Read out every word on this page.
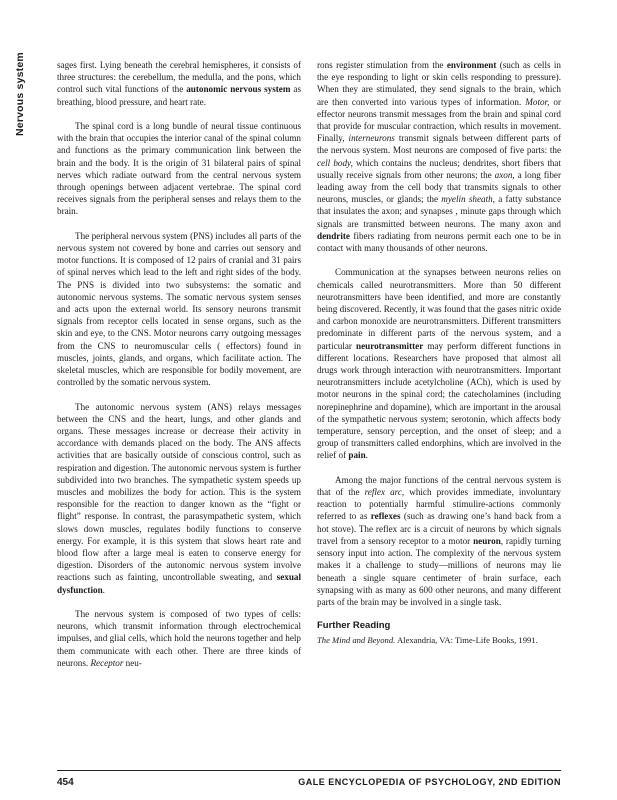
Nervous system	sages first. Lying beneath the cerebral hemispheres, it consists of three structures: the cerebellum, the medulla, and the pons, which control such vital functions of the autonomic nervous system as breathing, blood pressure, and heart rate.

The spinal cord is a long bundle of neural tissue continuous with the brain that occupies the interior canal of the spinal column and functions as the primary communication link between the brain and the body. It is the origin of 31 bilateral pairs of spinal nerves which radiate outward from the central nervous system through openings between adjacent vertebrae. The spinal cord receives signals from the peripheral senses and relays them to the brain.

The peripheral nervous system (PNS) includes all parts of the nervous system not covered by bone and carries out sensory and motor functions. It is composed of 12 pairs of cranial and 31 pairs of spinal nerves which lead to the left and right sides of the body. The PNS is divided into two subsystems: the somatic and autonomic nervous systems. The somatic nervous system senses and acts upon the external world. Its sensory neurons transmit signals from receptor cells located in sense organs, such as the skin and eye, to the CNS. Motor neurons carry outgoing messages from the CNS to neuromuscular cells ( effectors) found in muscles, joints, glands, and organs, which facilitate action. The skeletal muscles, which are responsible for bodily movement, are controlled by the somatic nervous system.

The autonomic nervous system (ANS) relays messages between the CNS and the heart, lungs, and other glands and organs. These messages increase or decrease their activity in accordance with demands placed on the body. The ANS affects activities that are basically outside of conscious control, such as respiration and digestion. The autonomic nervous system is further subdivided into two branches. The sympathetic system speeds up muscles and mobilizes the body for action. This is the system responsible for the reaction to danger known as the “fight or flight” response. In contrast, the parasympathetic system, which slows down muscles, regulates bodily functions to conserve energy. For example, it is this system that slows heart rate and blood flow after a large meal is eaten to conserve energy for digestion. Disorders of the autonomic nervous system involve reactions such as fainting, uncontrollable sweating, and sexual dysfunction.

The nervous system is composed of two types of cells: neurons, which transmit information through electrochemical impulses, and glial cells, which hold the neurons together and help them communicate with each other. There are three kinds of neurons. Receptor neu-

rons register stimulation from the environment (such as cells in the eye responding to light or skin cells responding to pressure). When they are stimulated, they send signals to the brain, which are then converted into various types of information. Motor, or effector neurons transmit messages from the brain and spinal cord that provide for muscular contraction, which results in movement. Finally, interneurons transmit signals between different parts of the nervous system. Most neurons are composed of five parts: the cell body, which contains the nucleus; dendrites, short fibers that usually receive signals from other neurons; the axon, a long fiber leading away from the cell body that transmits signals to other neurons, muscles, or glands; the myelin sheath, a fatty substance that insulates the axon; and synapses , minute gaps through which signals are transmitted between neurons. The many axon and dendrite fibers radiating from neurons permit each one to be in contact with many thousands of other neurons.

Communication at the synapses between neurons relies on chemicals called neurotransmitters. More than 50 different neurotransmitters have been identified, and more are constantly being discovered. Recently, it was found that the gases nitric oxide and carbon monoxide are neurotransmitters. Different transmitters predominate in different parts of the nervous system, and a particular neurotransmitter may perform different functions in different locations. Researchers have proposed that almost all drugs work through interaction with neurotransmitters. Important neurotransmitters include acetylcholine (ACh), which is used by motor neurons in the spinal cord; the catecholamines (including norepinephrine and dopamine), which are important in the arousal of the sympathetic nervous system; serotonin, which affects body temperature, sensory perception, and the onset of sleep; and a group of transmitters called endorphins, which are involved in the relief of pain.

Among the major functions of the central nervous system is that of the reflex arc, which provides immediate, involuntary reaction to potentially harmful stimulire-actions commonly referred to as reflexes (such as drawing one’s hand back from a hot stove). The reflex arc is a circuit of neurons by which signals travel from a sensory receptor to a motor neuron, rapidly turning sensory input into action. The complexity of the nervous system makes it a challenge to study—millions of neurons may lie beneath a single square centimeter of brain surface, each synapsing with as many as 600 other neurons, and many different parts of the brain may be involved in a single task.

Further Reading
The Mind and Beyond. Alexandria, VA: Time-Life Books, 1991.
454	GALE ENCYCLOPEDIA OF PSYCHOLOGY, 2ND EDITION
